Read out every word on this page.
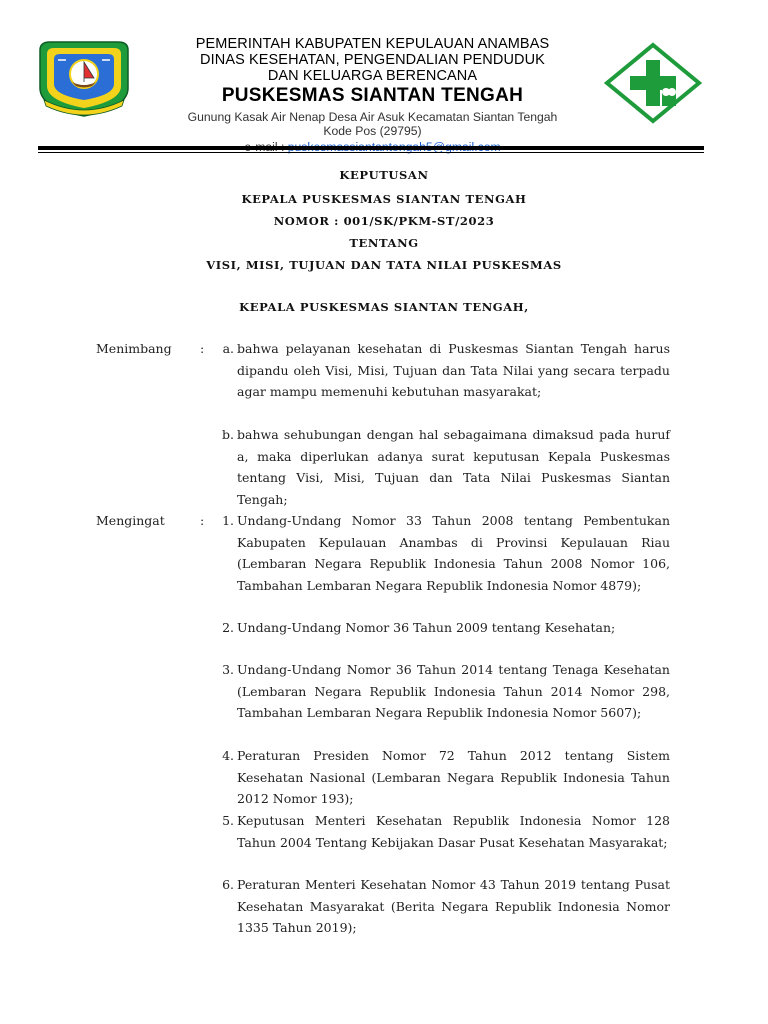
PEMERINTAH KABUPATEN KEPULAUAN ANAMBAS
DINAS KESEHATAN, PENGENDALIAN PENDUDUK
DAN KELUARGA BERENCANA
PUSKESMAS SIANTAN TENGAH
Gunung Kasak Air Nenap Desa Air Asuk Kecamatan Siantan Tengah
Kode Pos (29795)
KEPUTUSAN
KEPALA PUSKESMAS SIANTAN TENGAH
NOMOR : 001/SK/PKM-ST/2023
TENTANG
VISI, MISI, TUJUAN DAN TATA NILAI PUSKESMAS
KEPALA PUSKESMAS SIANTAN TENGAH,
Menimbang :	a. bahwa pelayanan kesehatan di Puskesmas Siantan Tengah harus dipandu oleh Visi, Misi, Tujuan dan Tata Nilai yang secara terpadu agar mampu memenuhi kebutuhan masyarakat;
b. bahwa sehubungan dengan hal sebagaimana dimaksud pada huruf a, maka diperlukan adanya surat keputusan Kepala Puskesmas tentang Visi, Misi, Tujuan dan Tata Nilai Puskesmas Siantan Tengah;
Mengingat	:	1. Undang-Undang Nomor 33 Tahun 2008 tentang Pembentukan Kabupaten Kepulauan Anambas di Provinsi Kepulauan Riau (Lembaran Negara Republik Indonesia Tahun 2008 Nomor 106, Tambahan Lembaran Negara Republik Indonesia Nomor 4879);
2. Undang-Undang Nomor 36 Tahun 2009 tentang Kesehatan;
3. Undang-Undang Nomor 36 Tahun 2014 tentang Tenaga Kesehatan (Lembaran Negara Republik Indonesia Tahun 2014 Nomor 298, Tambahan Lembaran Negara Republik Indonesia Nomor 5607);
4. Peraturan Presiden Nomor 72 Tahun 2012 tentang Sistem Kesehatan Nasional (Lembaran Negara Republik Indonesia Tahun 2012 Nomor 193);
5. Keputusan Menteri Kesehatan Republik Indonesia Nomor 128 Tahun 2004 Tentang Kebijakan Dasar Pusat Kesehatan Masyarakat;
6. Peraturan Menteri Kesehatan Nomor 43 Tahun 2019 tentang Pusat Kesehatan Masyarakat (Berita Negara Republik Indonesia Nomor 1335 Tahun 2019);
